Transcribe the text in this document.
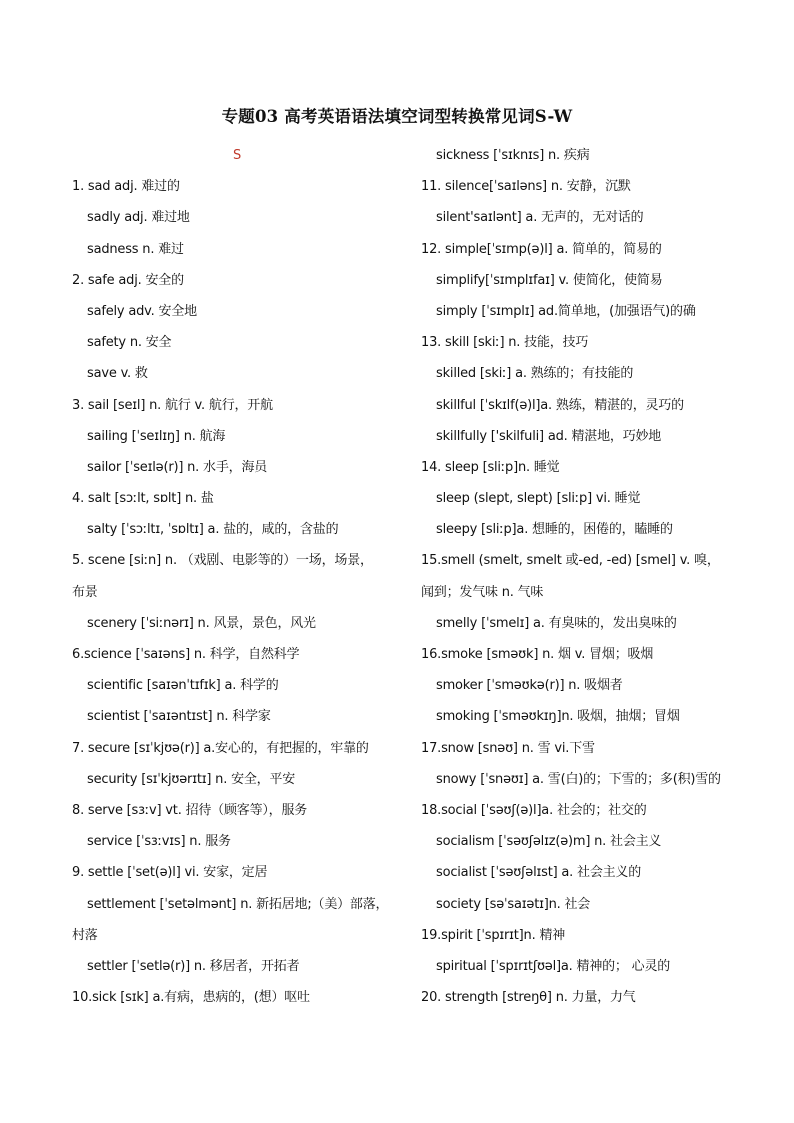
专题03 高考英语语法填空词型转换常见词S-W
S
1. sad adj. 难过的
sadly adj. 难过地
sadness n. 难过
2. safe adj. 安全的
safely adv. 安全地
safety n. 安全
save v. 救
3. sail [seɪl] n. 航行 v. 航行，开航
sailing [ˈseɪlɪŋ] n. 航海
sailor [ˈseɪlə(r)] n. 水手，海员
4. salt [sɔːlt, sɒlt] n. 盐
salty [ˈsɔːltɪ, ˈsɒltɪ] a. 盐的，咸的，含盐的
5. scene [siːn] n. （戏剧、电影等的）一场，场景，
布景
scenery [ˈsiːnərɪ] n. 风景，景色，风光
6.science [ˈsaɪəns] n. 科学，自然科学
scientific [saɪənˈtɪfɪk] a. 科学的
scientist [ˈsaɪəntɪst] n. 科学家
7. secure [sɪˈkjʊə(r)] a.安心的，有把握的，牢靠的
security [sɪˈkjʊərɪtɪ] n. 安全，平安
8. serve [sɜːv] vt. 招待（顾客等），服务
service [ˈsɜːvɪs] n. 服务
9. settle [ˈset(ə)l] vi. 安家，定居
settlement [ˈsetəlmənt] n. 新拓居地;（美）部落，
村落
settler [ˈsetlə(r)] n. 移居者，开拓者
10.sick [sɪk] a.有病，患病的，(想）呕吐
sickness [ˈsɪknɪs] n. 疾病
11. silence[ˈsaɪləns] n. 安静，沉默
silent'saɪlənt] a. 无声的，无对话的
12. simple[ˈsɪmp(ə)l] a. 简单的，简易的
simplify[ˈsɪmplɪfaɪ] v. 使简化，使简易
simply [ˈsɪmplɪ] ad.简单地，(加强语气)的确
13. skill [skiː] n. 技能，技巧
skilled [skiː] a. 熟练的；有技能的
skillful [ˈskɪlf(ə)l]a. 熟练，精湛的，灵巧的
skillfully ['skilfuli] ad. 精湛地，巧妙地
14. sleep [sliːp]n. 睡觉
sleep (slept, slept) [sliːp] vi. 睡觉
sleepy [sliːp]a. 想睡的，困倦的，瞌睡的
15.smell (smelt, smelt 或-ed, -ed) [smel] v. 嗅，
闻到；发气味 n. 气味
smelly [ˈsmelɪ] a. 有臭味的，发出臭味的
16.smoke [sməʊk] n. 烟 v. 冒烟；吸烟
smoker [ˈsməʊkə(r)] n. 吸烟者
smoking [ˈsməʊkɪŋ]n. 吸烟，抽烟；冒烟
17.snow [snəʊ] n. 雪 vi.下雪
snowy [ˈsnəʊɪ] a. 雪(白)的；下雪的；多(积)雪的
18.social [ˈsəʊʃ(ə)l]a. 社会的；社交的
socialism [ˈsəʊʃəlɪz(ə)m] n. 社会主义
socialist [ˈsəʊʃəlɪst] a. 社会主义的
society [səˈsaɪətɪ]n. 社会
19.spirit [ˈspɪrɪt]n. 精神
spiritual [ˈspɪrɪtʃʊəl]a. 精神的； 心灵的
20. strength [streŋθ] n. 力量，力气
